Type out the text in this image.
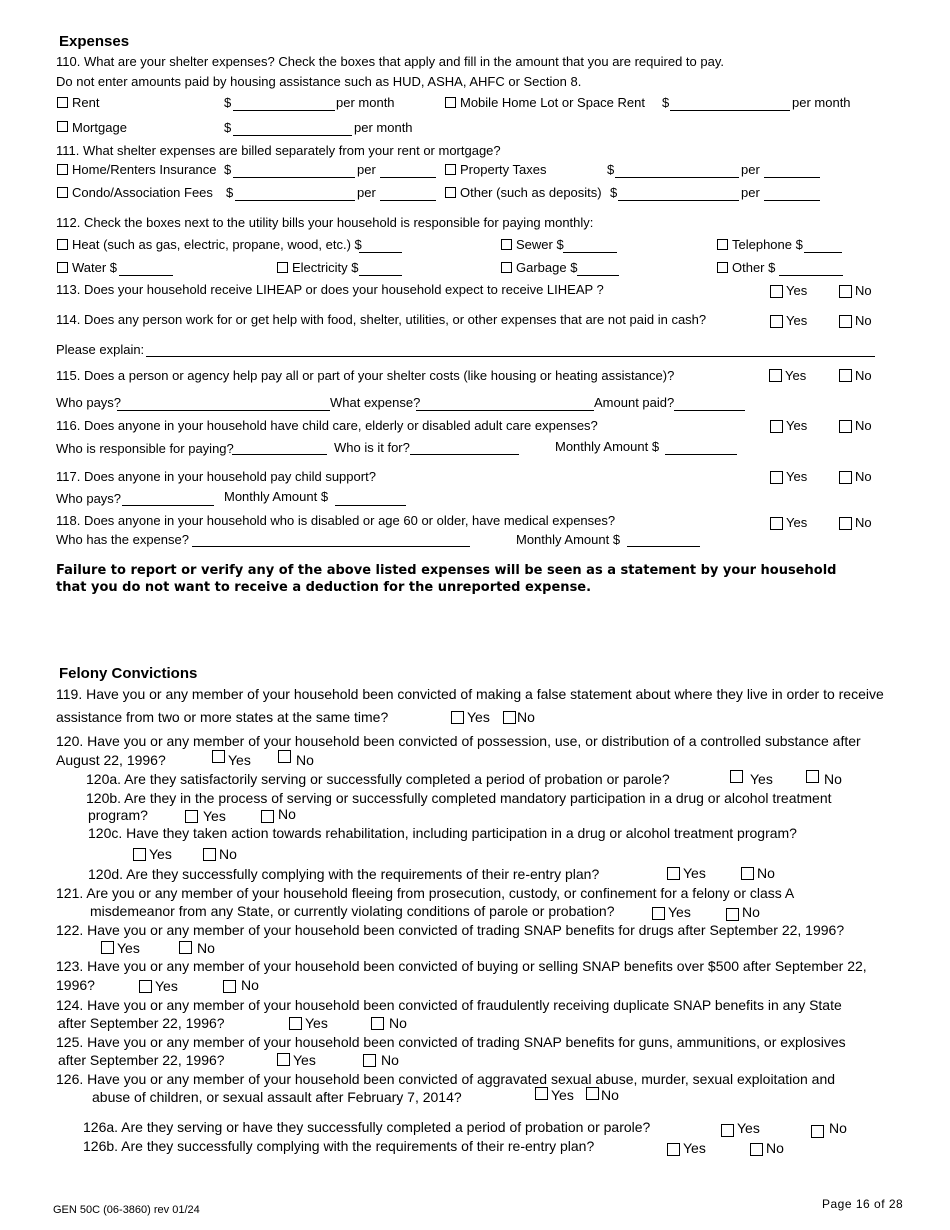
Expenses
110. What are your shelter expenses? Check the boxes that apply and fill in the amount that you are required to pay.
Do not enter amounts paid by housing assistance such as HUD, ASHA, AHFC or Section 8.
Rent	$	per month	Mobile Home Lot or Space Rent $	per month
Mortgage	$	per month
111. What shelter expenses are billed separately from your rent or mortgage?
Home/Renters Insurance $	per	Property Taxes	$	per
Condo/Association Fees $	per	Other (such as deposits) $	per
112. Check the boxes next to the utility bills your household is responsible for paying monthly:
Heat (such as gas, electric, propane, wood, etc.) $	Sewer $	Telephone $
Water $	Electricity $	Garbage $	Other $
113. Does your household receive LIHEAP or does your household expect to receive LIHEAP ?	Yes	No
114. Does any person work for or get help with food, shelter, utilities, or other expenses that are not paid in cash?	Yes	No
Please explain:
115. Does a person or agency help pay all or part of your shelter costs (like housing or heating assistance)?	Yes	No
Who pays?	What expense?	Amount paid?
116. Does anyone in your household have child care, elderly or disabled adult care expenses?	Yes	No
Who is responsible for paying?	Who is it for?	Monthly Amount $
117. Does anyone in your household pay child support?	Yes	No
Who pays?	Monthly Amount $
118. Does anyone in your household who is disabled or age 60 or older, have medical expenses?	Yes	No
Who has the expense?	Monthly Amount $
Failure to report or verify any of the above listed expenses will be seen as a statement by your household that you do not want to receive a deduction for the unreported expense.
Felony Convictions
119. Have you or any member of your household been convicted of making a false statement about where they live in order to receive
assistance from two or more states at the same time?	Yes No
120. Have you or any member of your household been convicted of possession, use, or distribution of a controlled substance after
August 22, 1996?	Yes	No
120a. Are they satisfactorily serving or successfully completed a period of probation or parole?	Yes	No
120b. Are they in the process of serving or successfully completed mandatory participation in a drug or alcohol treatment
program?	Yes	No
120c. Have they taken action towards rehabilitation, including participation in a drug or alcohol treatment program?
Yes	No
120d. Are they successfully complying with the requirements of their re-entry plan?	Yes	No
121. Are you or any member of your household fleeing from prosecution, custody, or confinement for a felony or class A
misdemeanor from any State, or currently violating conditions of parole or probation?	Yes	No
122. Have you or any member of your household been convicted of trading SNAP benefits for drugs after September 22, 1996?
Yes	No
123. Have you or any member of your household been convicted of buying or selling SNAP benefits over $500 after September 22,
1996?	Yes	No
124. Have you or any member of your household been convicted of fraudulently receiving duplicate SNAP benefits in any State
after September 22, 1996?	Yes	No
125. Have you or any member of your household been convicted of trading SNAP benefits for guns, ammunitions, or explosives
after September 22, 1996?	Yes	No
126. Have you or any member of your household been convicted of aggravated sexual abuse, murder, sexual exploitation and
abuse of children, or sexual assault after February 7, 2014?	Yes No
126a. Are they serving or have they successfully completed a period of probation or parole?	Yes	No
126b. Are they successfully complying with the requirements of their re-entry plan?	Yes	No
GEN 50C (06-3860) rev 01/24	Page 16 of 28
